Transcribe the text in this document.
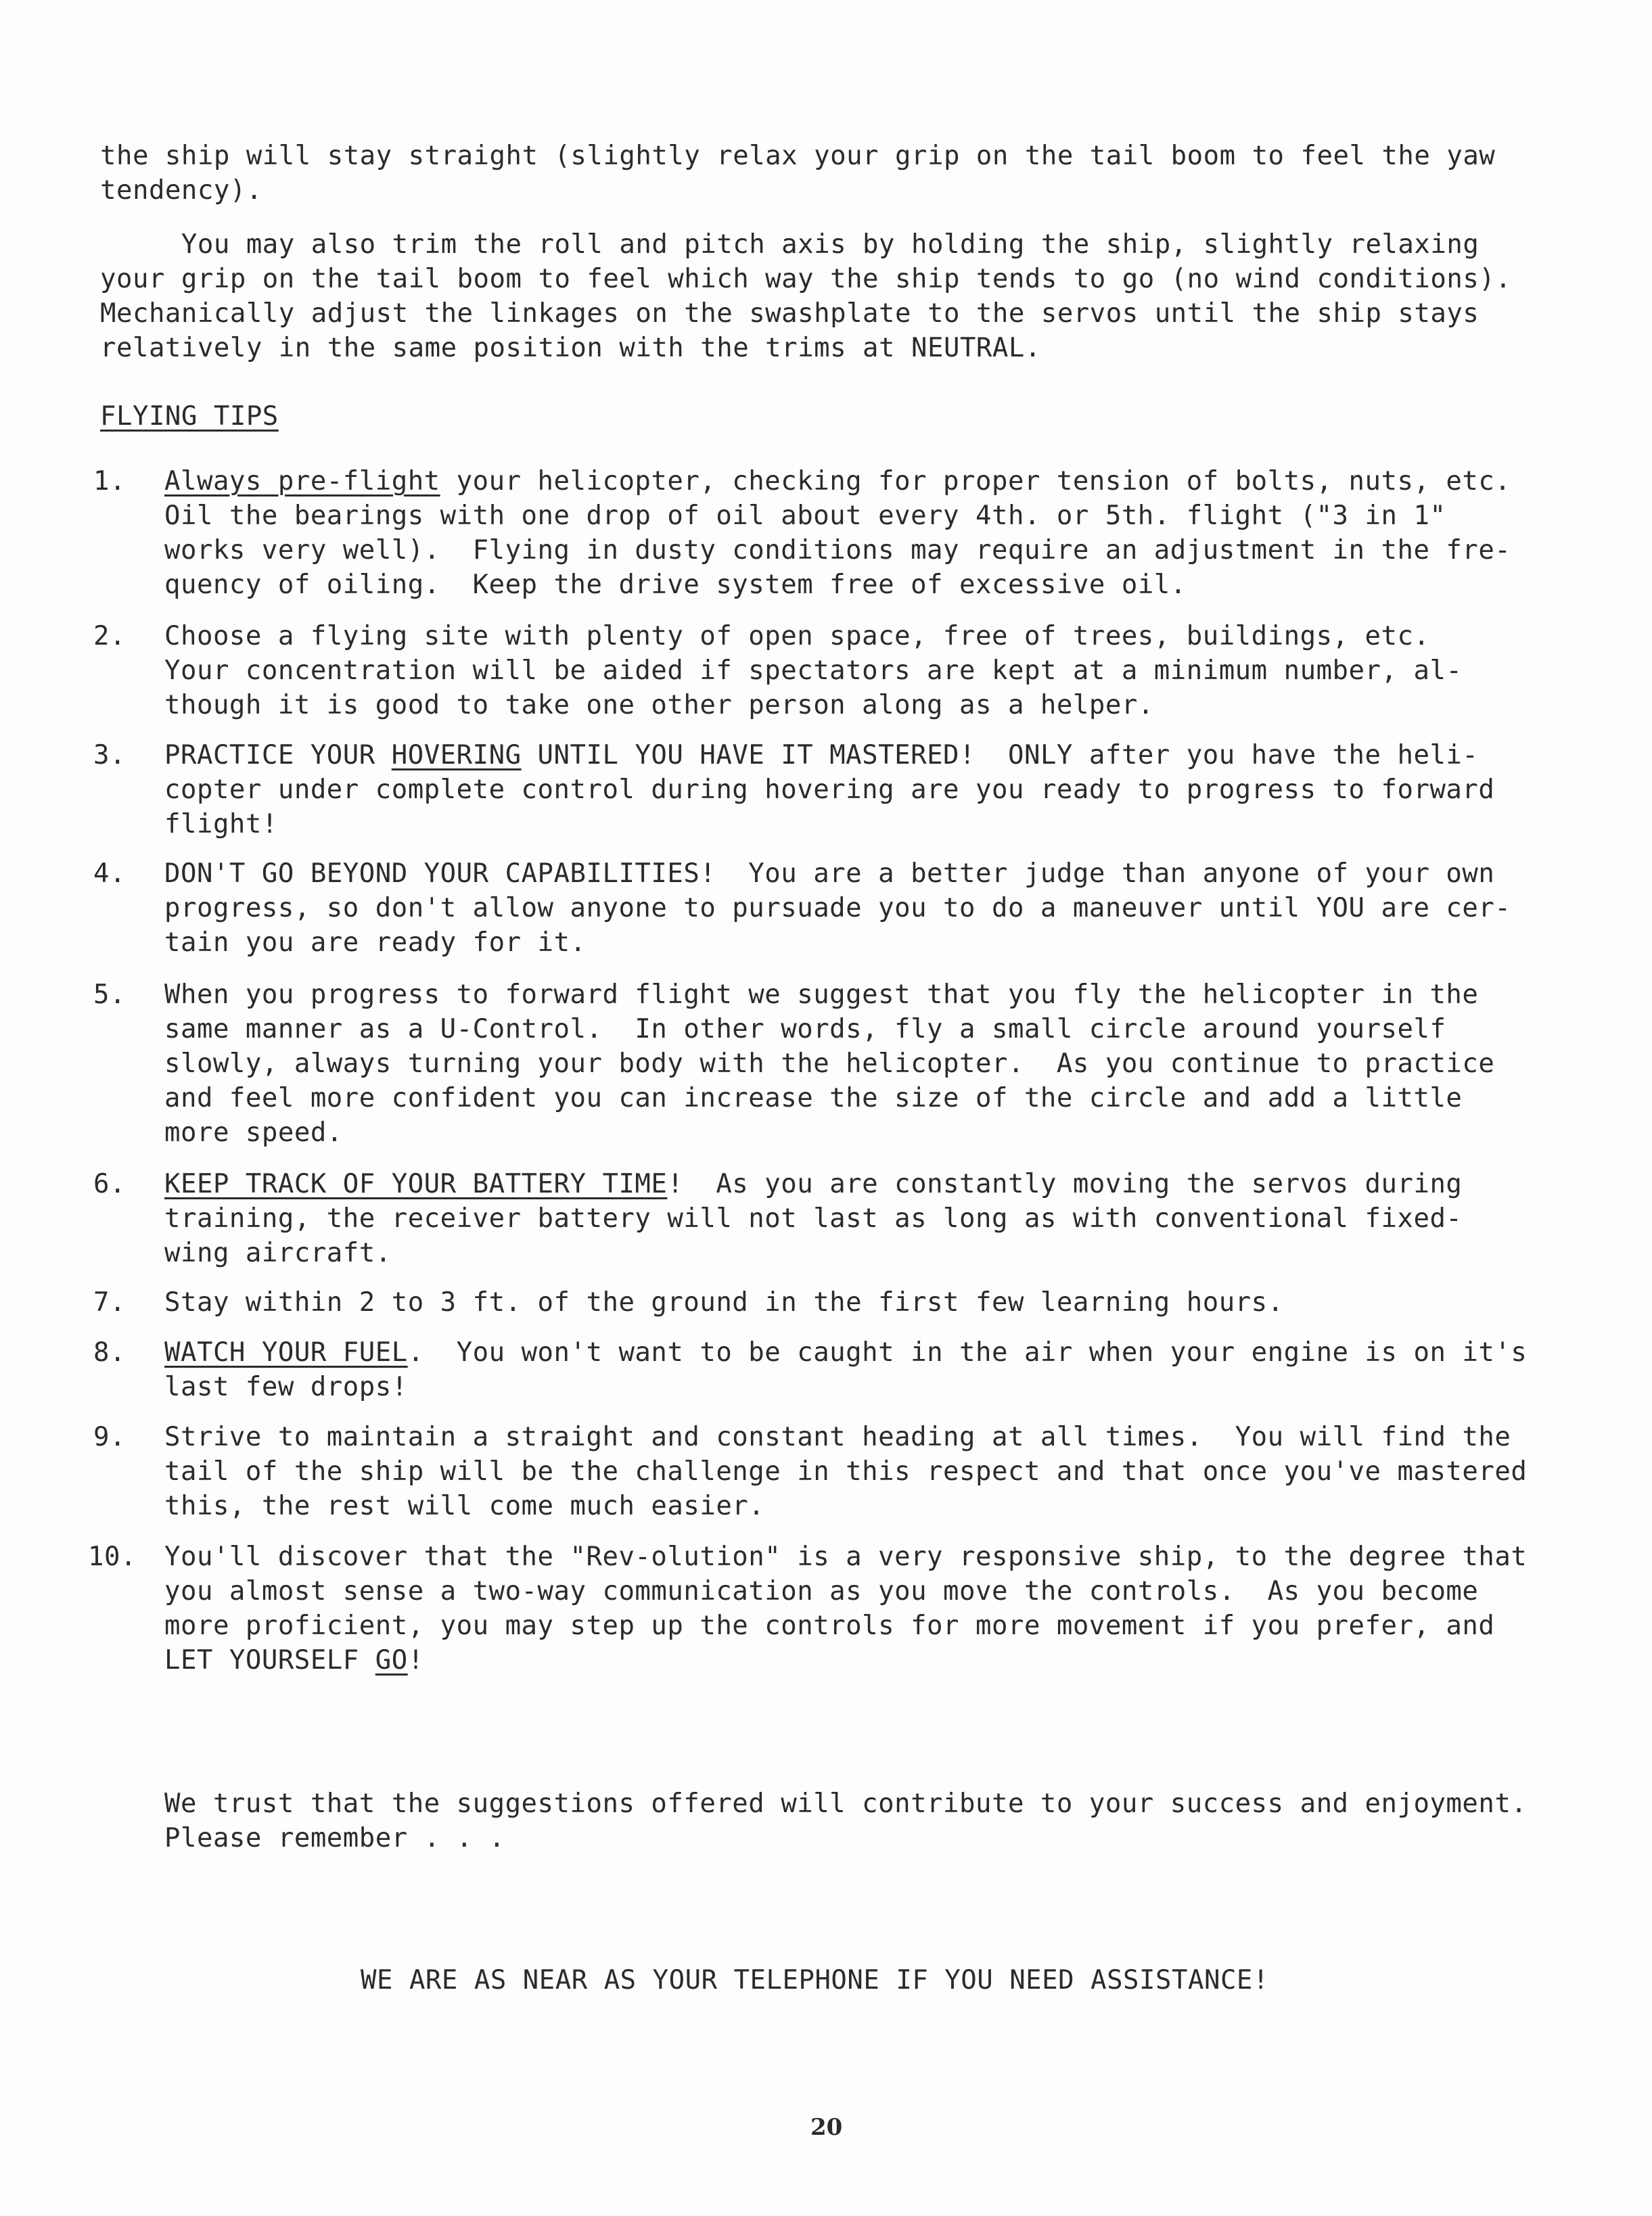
the ship will stay straight (slightly relax your grip on the tail boom to feel the yaw
tendency).
You may also trim the roll and pitch axis by holding the ship, slightly relaxing
your grip on the tail boom to feel which way the ship tends to go (no wind conditions).
Mechanically adjust the linkages on the swashplate to the servos until the ship stays
relatively in the same position with the trims at NEUTRAL.
FLYING TIPS
1.	Always pre-flight your helicopter, checking for proper tension of bolts, nuts, etc.
Oil the bearings with one drop of oil about every 4th. or 5th. flight ("3 in 1"
works very well).  Flying in dusty conditions may require an adjustment in the fre-
quency of oiling.  Keep the drive system free of excessive oil.
2.	Choose a flying site with plenty of open space, free of trees, buildings, etc.
Your concentration will be aided if spectators are kept at a minimum number, al-
though it is good to take one other person along as a helper.
3.	PRACTICE YOUR HOVERING UNTIL YOU HAVE IT MASTERED!  ONLY after you have the heli-
copter under complete control during hovering are you ready to progress to forward
flight!
4.	DON'T GO BEYOND YOUR CAPABILITIES!  You are a better judge than anyone of your own
progress, so don't allow anyone to pursuade you to do a maneuver until YOU are cer-
tain you are ready for it.
5.	When you progress to forward flight we suggest that you fly the helicopter in the
same manner as a U-Control.  In other words, fly a small circle around yourself
slowly, always turning your body with the helicopter.  As you continue to practice
and feel more confident you can increase the size of the circle and add a little
more speed.
6.	KEEP TRACK OF YOUR BATTERY TIME!  As you are constantly moving the servos during
training, the receiver battery will not last as long as with conventional fixed-
wing aircraft.
7.	Stay within 2 to 3 ft. of the ground in the first few learning hours.
8.	WATCH YOUR FUEL.  You won't want to be caught in the air when your engine is on it's
last few drops!
9.	Strive to maintain a straight and constant heading at all times.  You will find the
tail of the ship will be the challenge in this respect and that once you've mastered
this, the rest will come much easier.
10.	You'll discover that the "Rev-olution" is a very responsive ship, to the degree that
you almost sense a two-way communication as you move the controls.  As you become
more proficient, you may step up the controls for more movement if you prefer, and
LET YOURSELF GO!
We trust that the suggestions offered will contribute to your success and enjoyment.
Please remember . . .
WE ARE AS NEAR AS YOUR TELEPHONE IF YOU NEED ASSISTANCE!
20
